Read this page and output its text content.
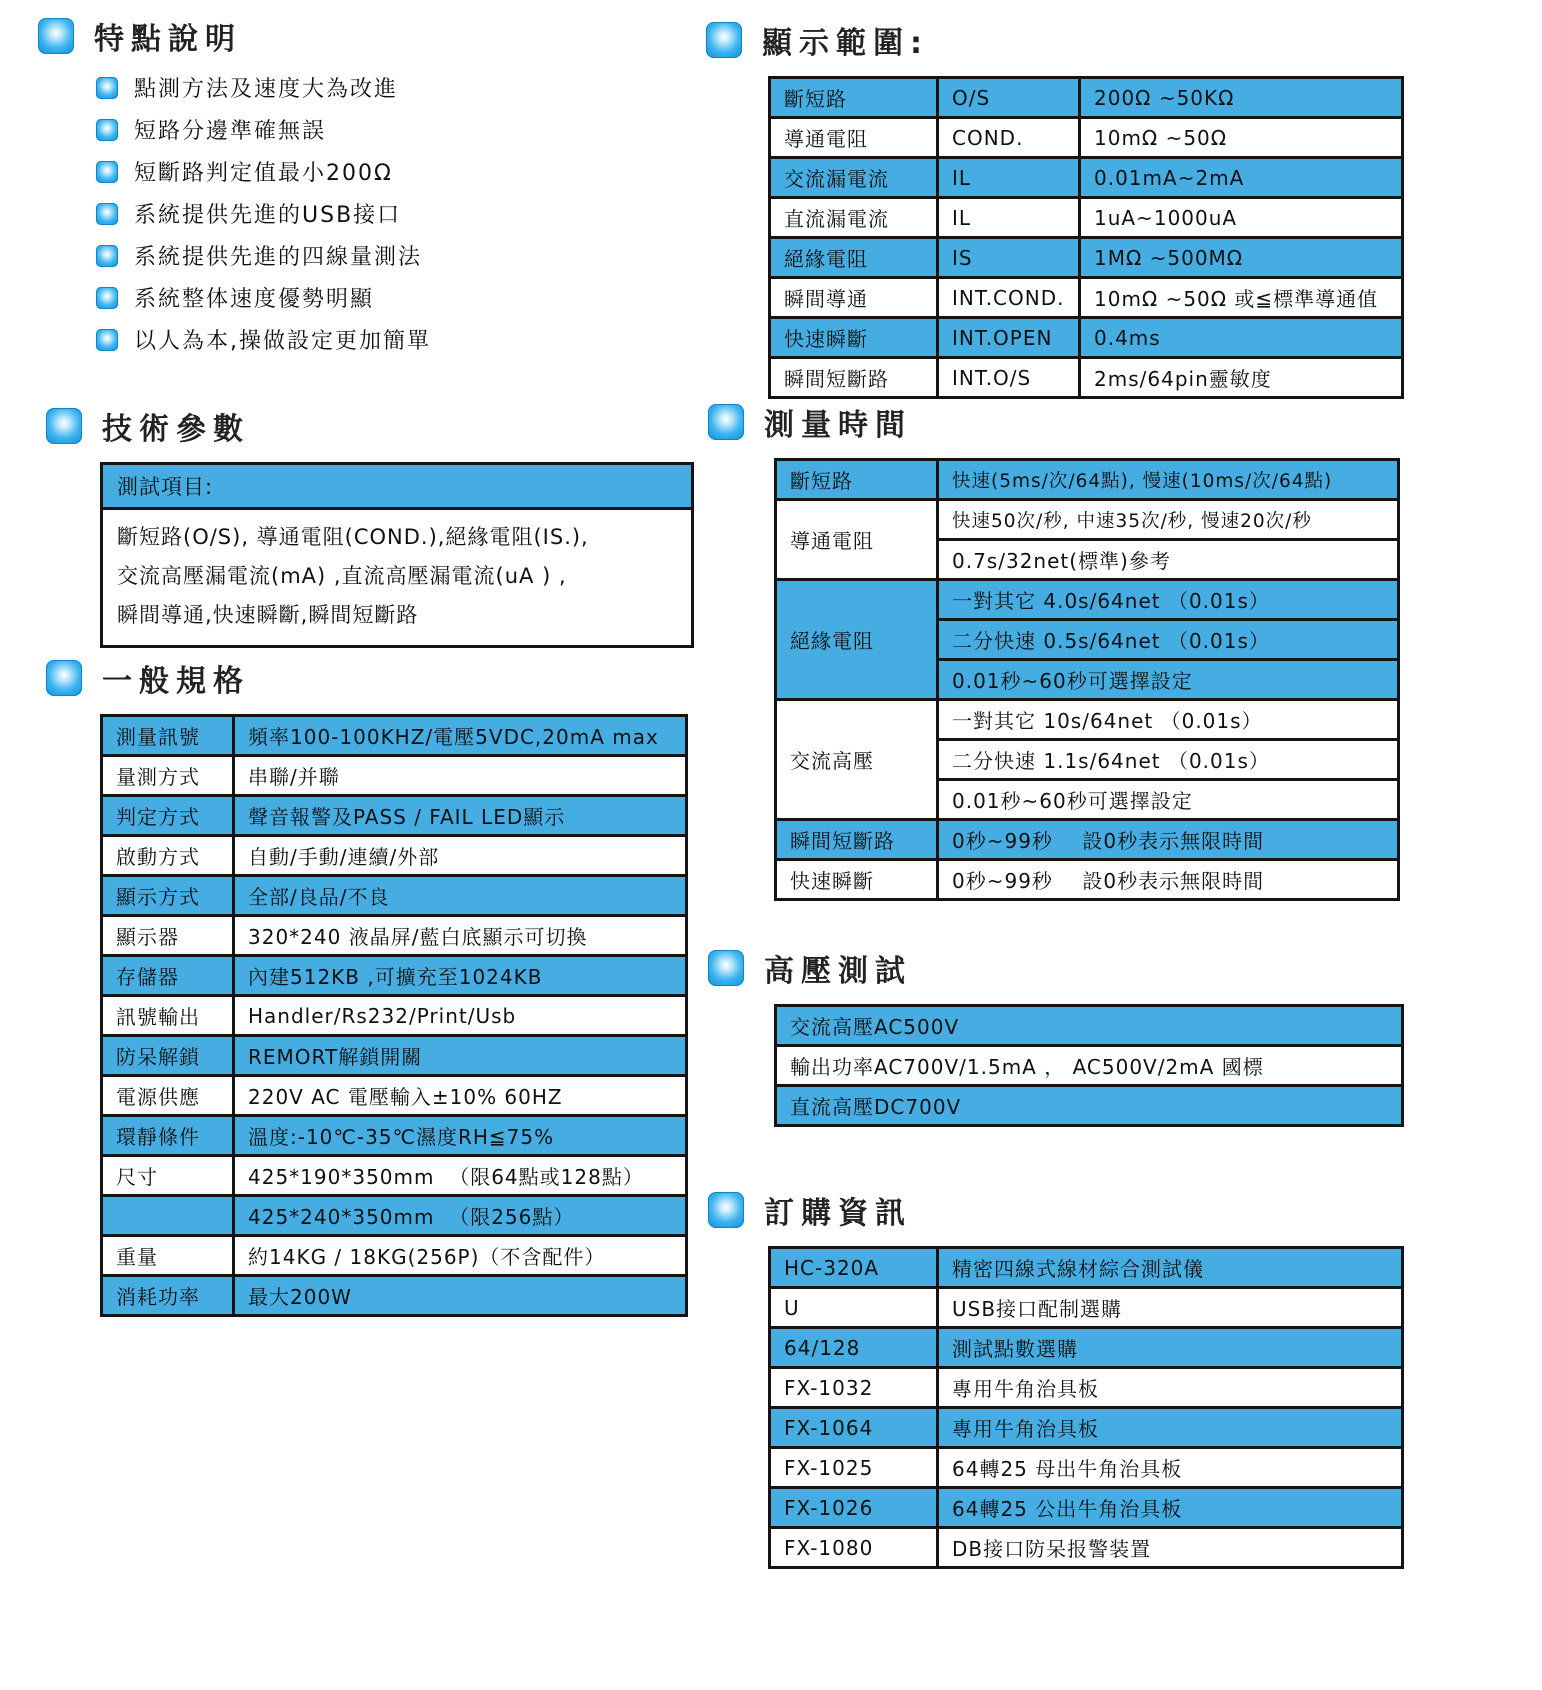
特點說明
點測方法及速度大為改進
短路分邊準確無誤
短斷路判定值最小200Ω
系統提供先進的USB接口
系統提供先進的四線量測法
系統整体速度優勢明顯
以人為本,操做設定更加簡單
顯示範圍:
斷短路	O/S	200Ω ~50KΩ
導通電阻	COND.	10mΩ ~50Ω
交流漏電流	IL	0.01mA~2mA
直流漏電流	IL	1uA~1000uA
絕緣電阻	IS	1MΩ ~500MΩ
瞬間導通	INT.COND.	10mΩ ~50Ω 或≦標準導通值
快速瞬斷	INT.OPEN	0.4ms
瞬間短斷路	INT.O/S	2ms/64pin靈敏度
技術參數
測試項目:
斷短路(O/S), 導通電阻(COND.),絕緣電阻(IS.),
交流高壓漏電流(mA) ,直流高壓漏電流(uA ) ,
瞬間導通,快速瞬斷,瞬間短斷路
測量時間
斷短路	快速(5ms/次/64點), 慢速(10ms/次/64點)
導通電阻	快速50次/秒, 中速35次/秒, 慢速20次/秒
	0.7s/32net(標準)參考
絕緣電阻	一對其它 4.0s/64net （0.01s）
	二分快速 0.5s/64net （0.01s）
	0.01秒~60秒可選擇設定
交流高壓	一對其它 10s/64net （0.01s）
	二分快速 1.1s/64net （0.01s）
	0.01秒~60秒可選擇設定
瞬間短斷路	0秒~99秒    設0秒表示無限時間
快速瞬斷	0秒~99秒    設0秒表示無限時間
一般規格
測量訊號	頻率100-100KHZ/電壓5VDC,20mA max
量測方式	串聯/并聯
判定方式	聲音報警及PASS / FAIL LED顯示
啟動方式	自動/手動/連續/外部
顯示方式	全部/良品/不良
顯示器	320*240 液晶屏/藍白底顯示可切換
存儲器	內建512KB ,可擴充至1024KB
訊號輸出	Handler/Rs232/Print/Usb
防呆解鎖	REMORT解鎖開關
電源供應	220V AC 電壓輸入±10% 60HZ
環靜條件	溫度:-10℃-35℃濕度RH≦75%
尺寸	425*190*350mm  （限64點或128點）
	425*240*350mm  （限256點）
重量	約14KG / 18KG(256P)（不含配件）
消耗功率	最大200W
高壓測試
交流高壓AC500V
輸出功率AC700V/1.5mA ， AC500V/2mA 國標
直流高壓DC700V
訂購資訊
HC-320A	精密四線式線材綜合測試儀
U	USB接口配制選購
64/128	測試點數選購
FX-1032	專用牛角治具板
FX-1064	專用牛角治具板
FX-1025	64轉25 母出牛角治具板
FX-1026	64轉25 公出牛角治具板
FX-1080	DB接口防呆报警装置
